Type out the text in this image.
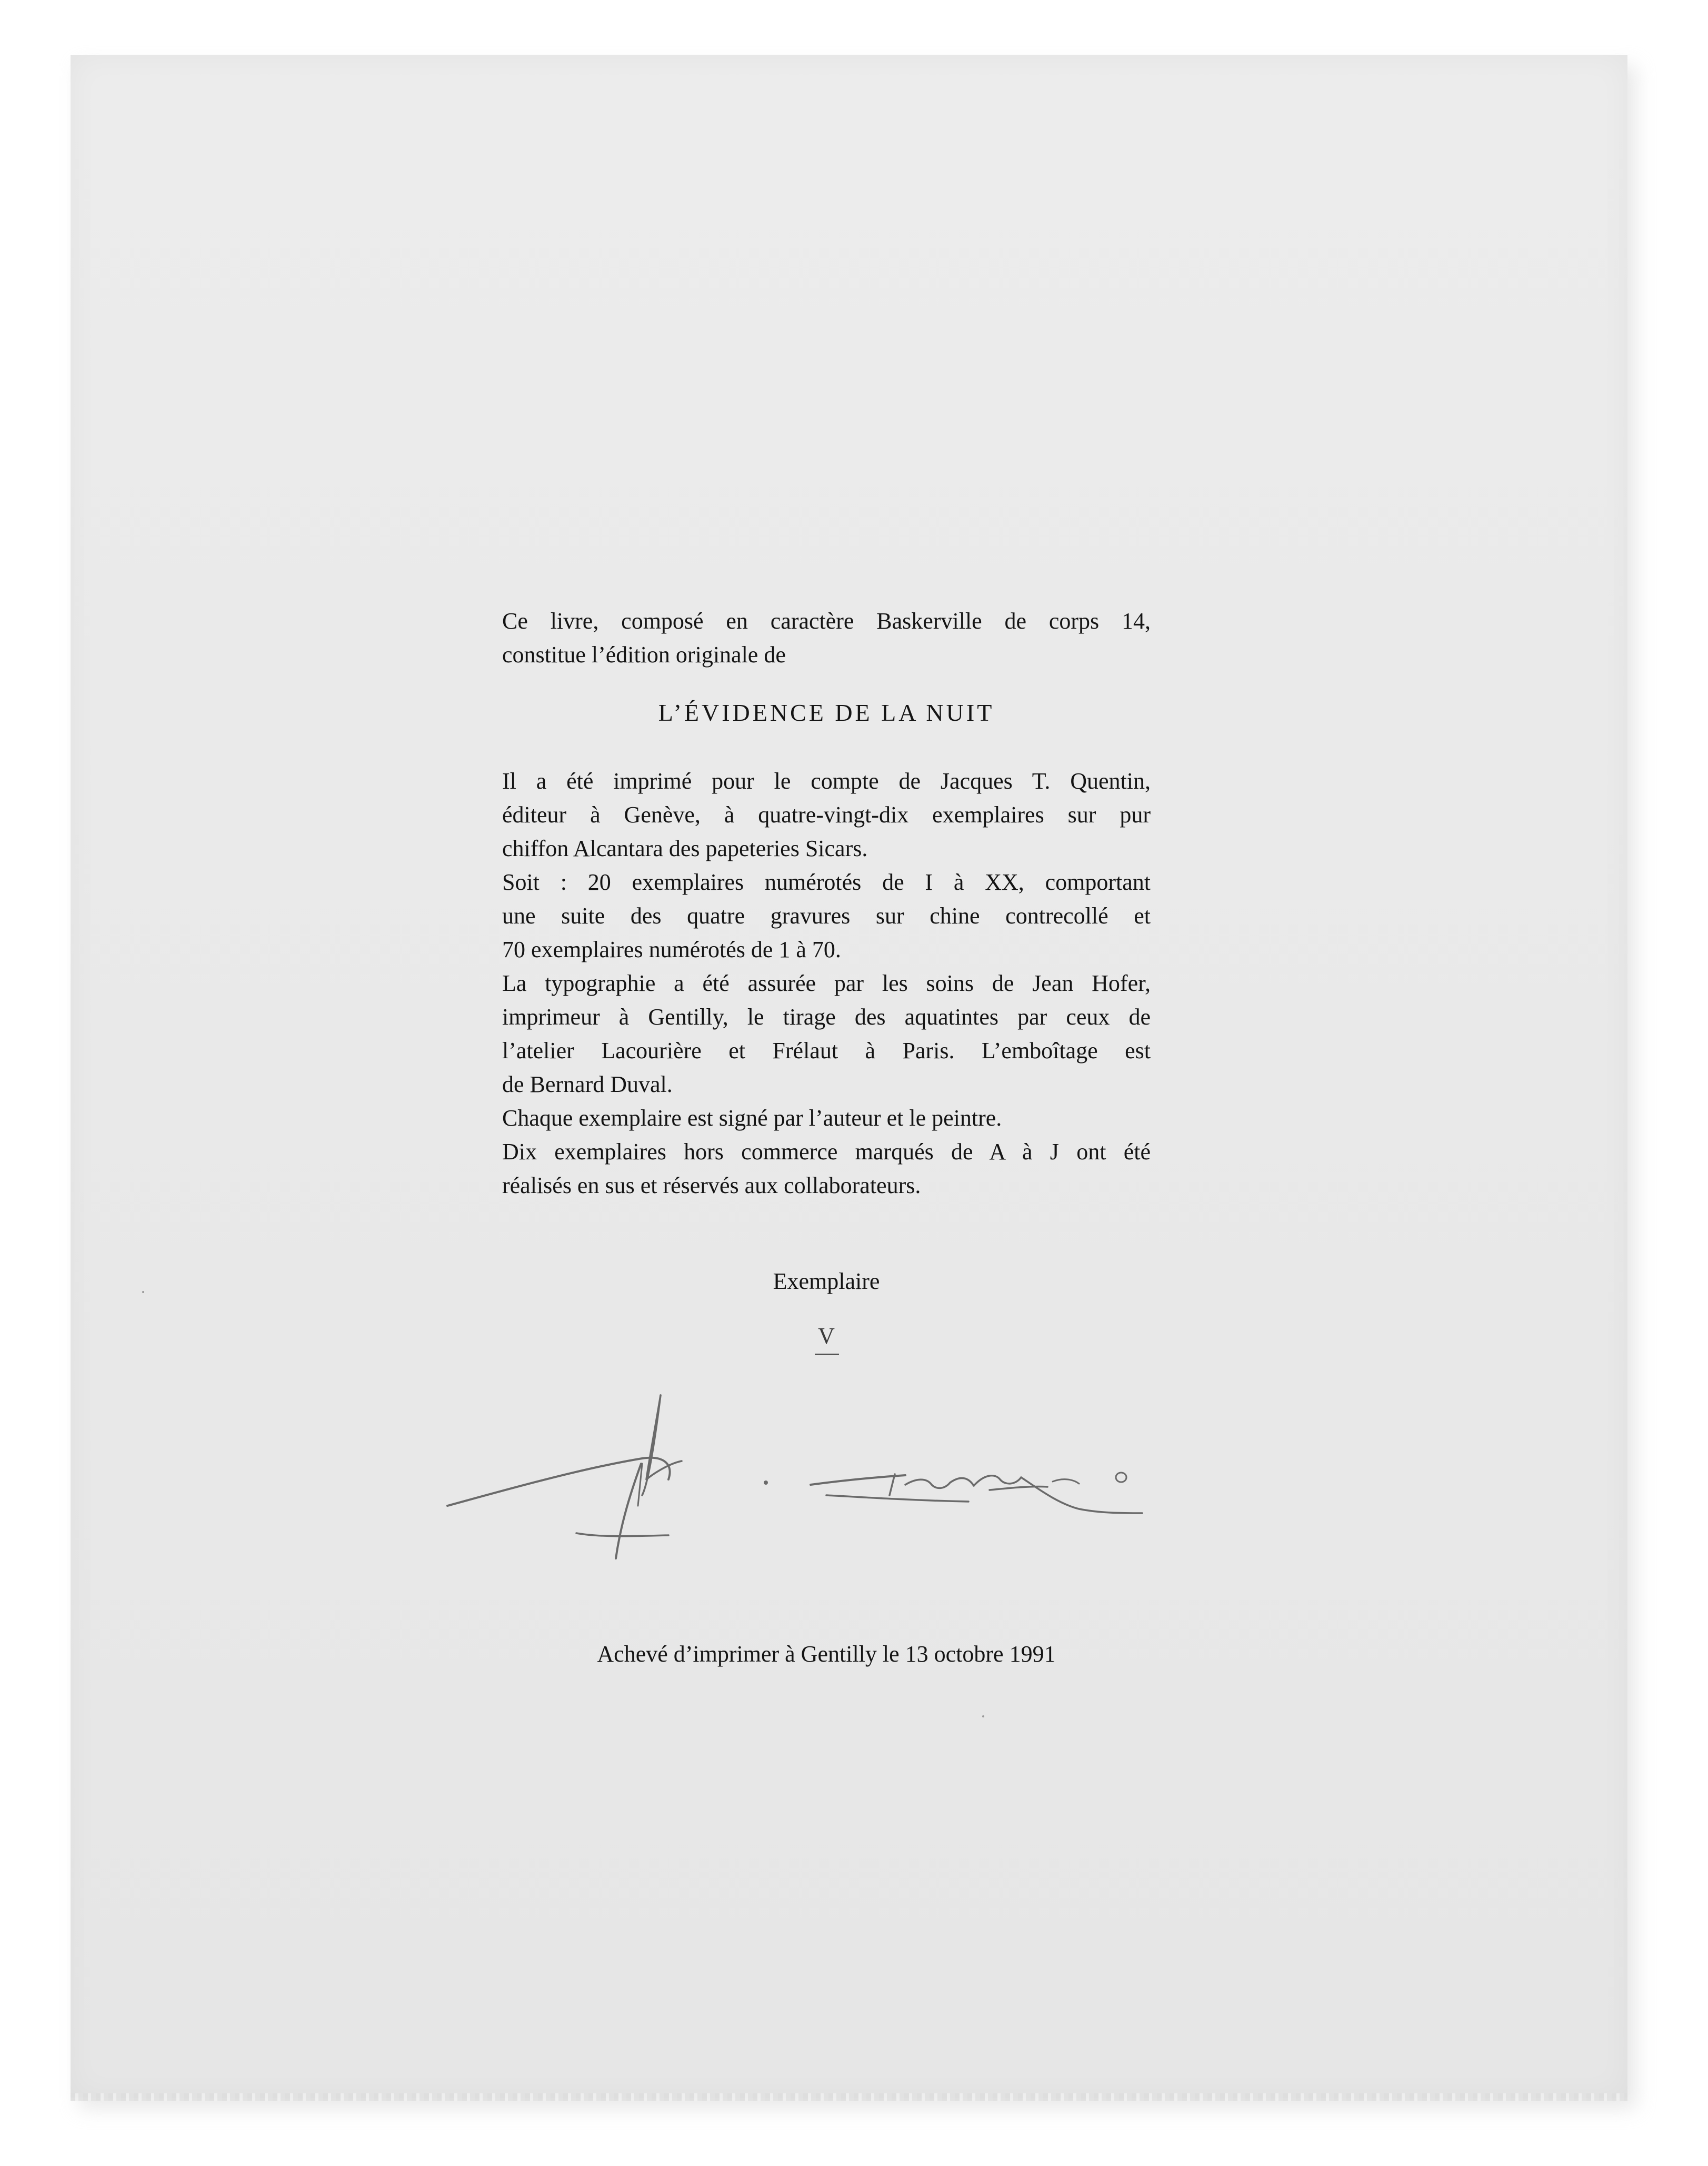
Ce livre, composé en caractère Baskerville de corps 14,
constitue l’édition originale de
L’ÉVIDENCE DE LA NUIT
Il a été imprimé pour le compte de Jacques T. Quentin,
éditeur à Genève, à quatre-vingt-dix exemplaires sur pur
chiffon Alcantara des papeteries Sicars.
Soit : 20 exemplaires numérotés de I à XX, comportant
une suite des quatre gravures sur chine contrecollé et
70 exemplaires numérotés de 1 à 70.
La typographie a été assurée par les soins de Jean Hofer,
imprimeur à Gentilly, le tirage des aquatintes par ceux de
l’atelier Lacourière et Frélaut à Paris. L’emboîtage est
de Bernard Duval.
Chaque exemplaire est signé par l’auteur et le peintre.
Dix exemplaires hors commerce marqués de A à J ont été
réalisés en sus et réservés aux collaborateurs.
Exemplaire
V
Achevé d’imprimer à Gentilly le 13 octobre 1991
